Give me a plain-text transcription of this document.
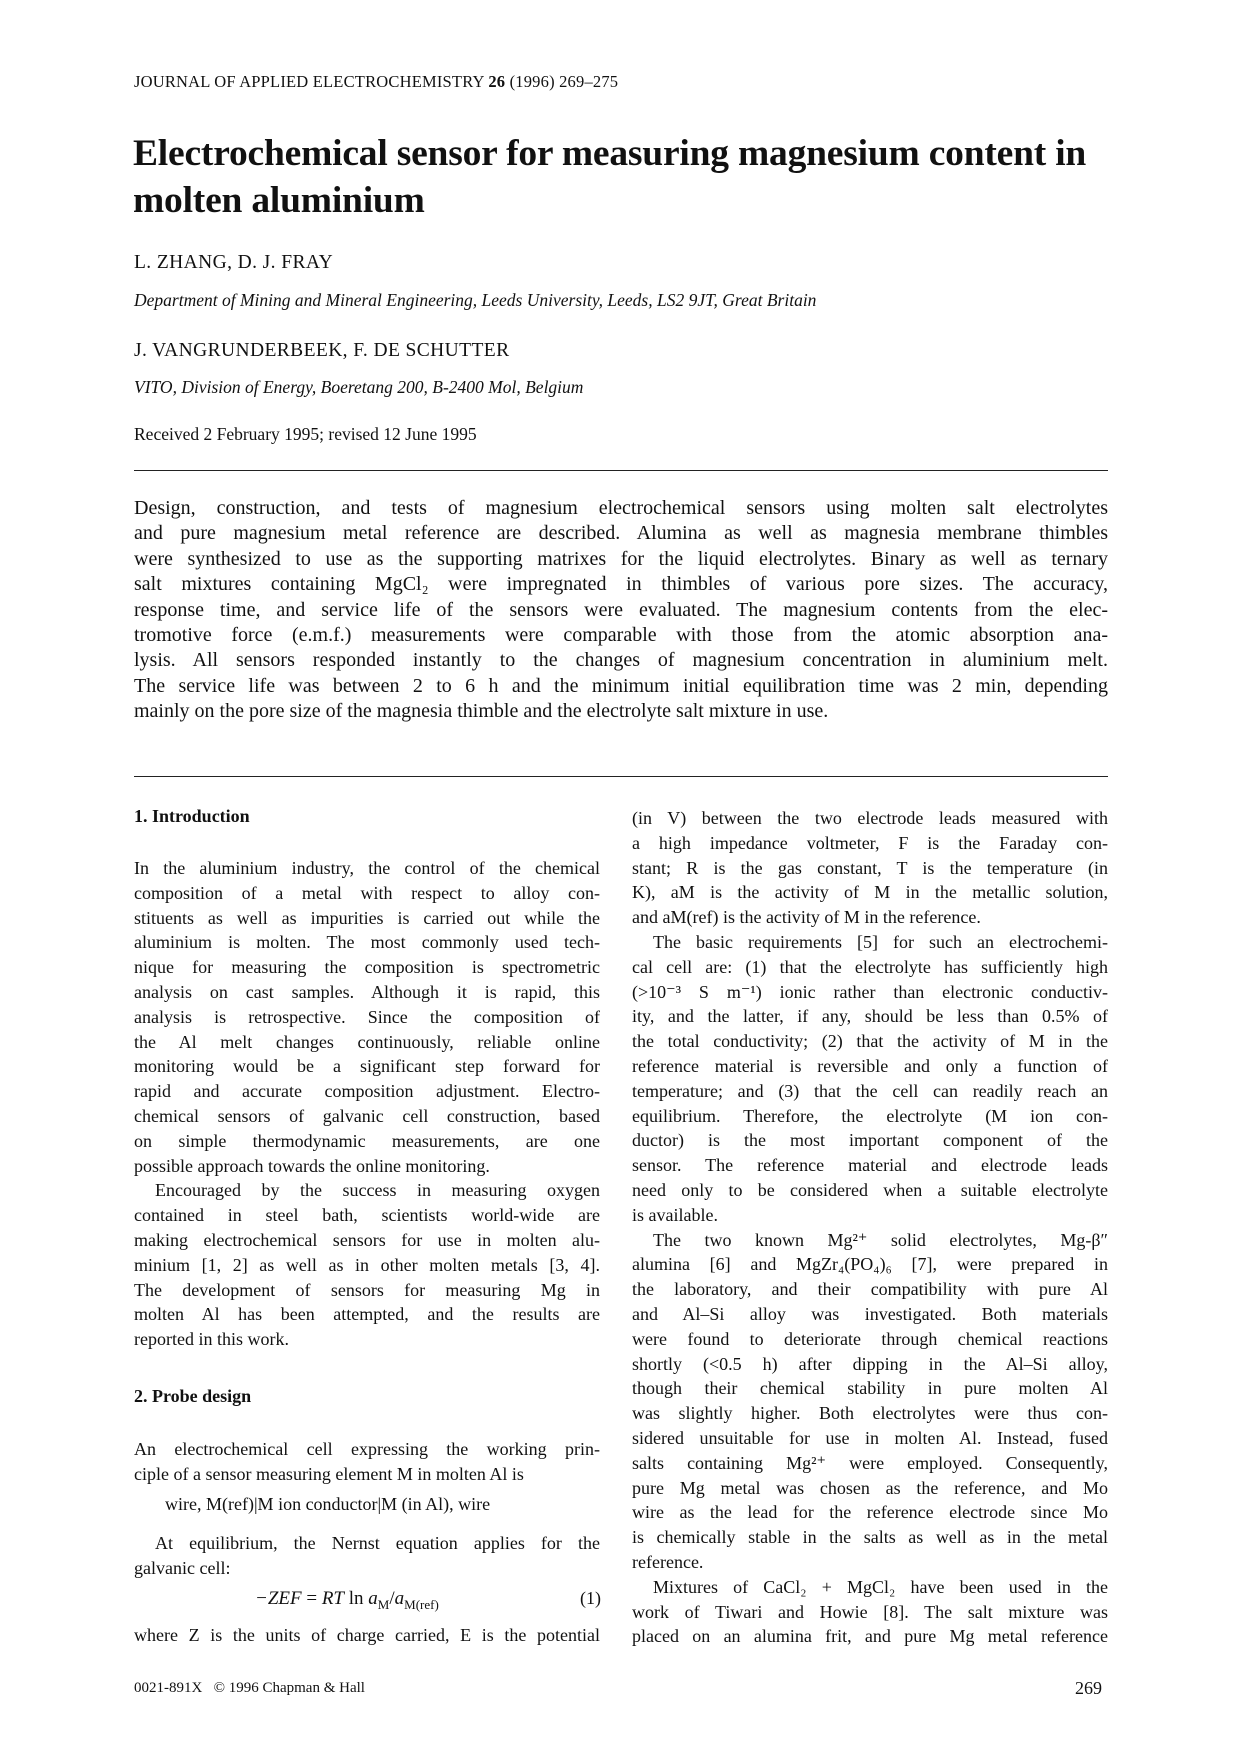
JOURNAL OF APPLIED ELECTROCHEMISTRY 26 (1996) 269–275
Electrochemical sensor for measuring magnesium content in molten aluminium
L. ZHANG, D. J. FRAY
Department of Mining and Mineral Engineering, Leeds University, Leeds, LS2 9JT, Great Britain
J. VANGRUNDERBEEK, F. DE SCHUTTER
VITO, Division of Energy, Boeretang 200, B-2400 Mol, Belgium
Received 2 February 1995; revised 12 June 1995
Design, construction, and tests of magnesium electrochemical sensors using molten salt electrolytes
and pure magnesium metal reference are described. Alumina as well as magnesia membrane thimbles
were synthesized to use as the supporting matrixes for the liquid electrolytes. Binary as well as ternary
salt mixtures containing MgCl₂ were impregnated in thimbles of various pore sizes. The accuracy,
response time, and service life of the sensors were evaluated. The magnesium contents from the elec-
tromotive force (e.m.f.) measurements were comparable with those from the atomic absorption ana-
lysis. All sensors responded instantly to the changes of magnesium concentration in aluminium melt.
The service life was between 2 to 6 h and the minimum initial equilibration time was 2 min, depending
mainly on the pore size of the magnesia thimble and the electrolyte salt mixture in use.
1. Introduction
In the aluminium industry, the control of the chemical
composition of a metal with respect to alloy con-
stituents as well as impurities is carried out while the
aluminium is molten. The most commonly used tech-
nique for measuring the composition is spectrometric
analysis on cast samples. Although it is rapid, this
analysis is retrospective. Since the composition of
the Al melt changes continuously, reliable online
monitoring would be a significant step forward for
rapid and accurate composition adjustment. Electro-
chemical sensors of galvanic cell construction, based
on simple thermodynamic measurements, are one
possible approach towards the online monitoring.
Encouraged by the success in measuring oxygen
contained in steel bath, scientists world-wide are
making electrochemical sensors for use in molten alu-
minium [1, 2] as well as in other molten metals [3, 4].
The development of sensors for measuring Mg in
molten Al has been attempted, and the results are
reported in this work.
2. Probe design
An electrochemical cell expressing the working prin-
ciple of a sensor measuring element M in molten Al is
wire, M(ref)|M ion conductor|M (in Al), wire
At equilibrium, the Nernst equation applies for the
galvanic cell:
−ZEF = RT $\ln a_M/a_{M(ref)}$	(1)
where Z is the units of charge carried, E is the potential
(in V) between the two electrode leads measured with
a high impedance voltmeter, F is the Faraday con-
stant; R is the gas constant, T is the temperature (in
K), aM is the activity of M in the metallic solution,
and aM(ref) is the activity of M in the reference.
The basic requirements [5] for such an electrochemi-
cal cell are: (1) that the electrolyte has sufficiently high
(>10⁻³ S m⁻¹) ionic rather than electronic conductiv-
ity, and the latter, if any, should be less than 0.5% of
the total conductivity; (2) that the activity of M in the
reference material is reversible and only a function of
temperature; and (3) that the cell can readily reach an
equilibrium. Therefore, the electrolyte (M ion con-
ductor) is the most important component of the
sensor. The reference material and electrode leads
need only to be considered when a suitable electrolyte
is available.
The two known Mg²⁺ solid electrolytes, Mg-β″
alumina [6] and MgZr₄(PO₄)₆ [7], were prepared in
the laboratory, and their compatibility with pure Al
and Al–Si alloy was investigated. Both materials
were found to deteriorate through chemical reactions
shortly (<0.5 h) after dipping in the Al–Si alloy,
though their chemical stability in pure molten Al
was slightly higher. Both electrolytes were thus con-
sidered unsuitable for use in molten Al. Instead, fused
salts containing Mg²⁺ were employed. Consequently,
pure Mg metal was chosen as the reference, and Mo
wire as the lead for the reference electrode since Mo
is chemically stable in the salts as well as in the metal
reference.
Mixtures of CaCl₂ + MgCl₂ have been used in the
work of Tiwari and Howie [8]. The salt mixture was
placed on an alumina frit, and pure Mg metal reference
0021-891X © 1996 Chapman & Hall	269
